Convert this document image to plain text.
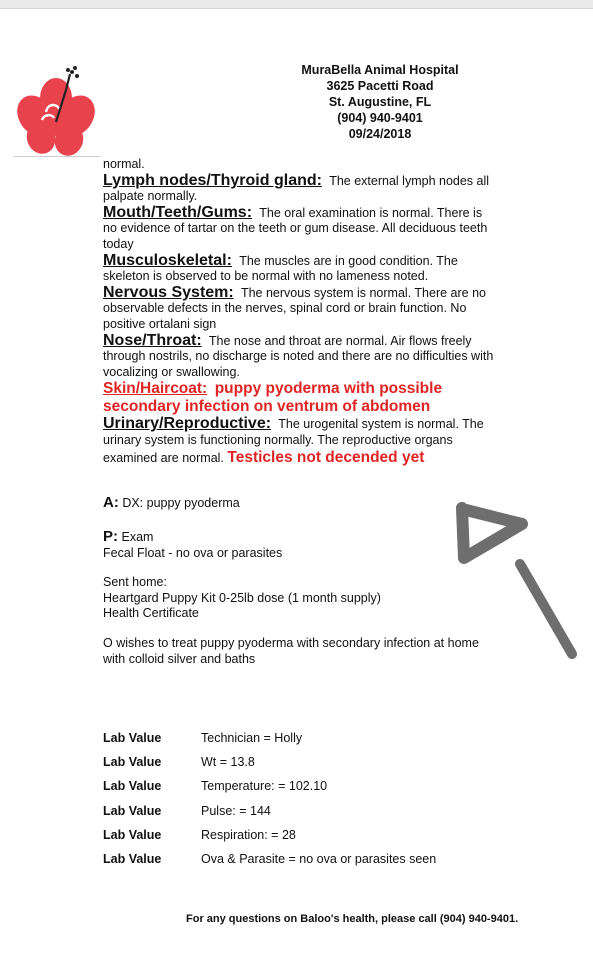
MuraBella Animal Hospital
3625 Pacetti Road
St. Augustine, FL
(904) 940-9401
09/24/2018

normal.

Lymph nodes/Thyroid gland: The external lymph nodes all palpate normally.

Mouth/Teeth/Gums: The oral examination is normal. There is no evidence of tartar on the teeth or gum disease. All deciduous teeth today

Musculoskeletal: The muscles are in good condition. The skeleton is observed to be normal with no lameness noted.

Nervous System: The nervous system is normal. There are no observable defects in the nerves, spinal cord or brain function. No positive ortalani sign

Nose/Throat: The nose and throat are normal. Air flows freely through nostrils, no discharge is noted and there are no difficulties with vocalizing or swallowing.

Skin/Haircoat: puppy pyoderma with possible secondary infection on ventrum of abdomen

Urinary/Reproductive: The urogenital system is normal. The urinary system is functioning normally. The reproductive organs examined are normal. Testicles not decended yet

A: DX: puppy pyoderma

P: Exam

Fecal Float - no ova or parasites

Sent home:

Heartgard Puppy Kit 0-25lb dose (1 month supply)

Health Certificate

O wishes to treat puppy pyoderma with secondary infection at home with colloid silver and baths

Lab Value	Technician = Holly
Lab Value	Wt = 13.8
Lab Value	Temperature: = 102.10
Lab Value	Pulse: = 144
Lab Value	Respiration: = 28
Lab Value	Ova & Parasite = no ova or parasites seen
For any questions on Baloo's health, please call (904) 940-9401.
